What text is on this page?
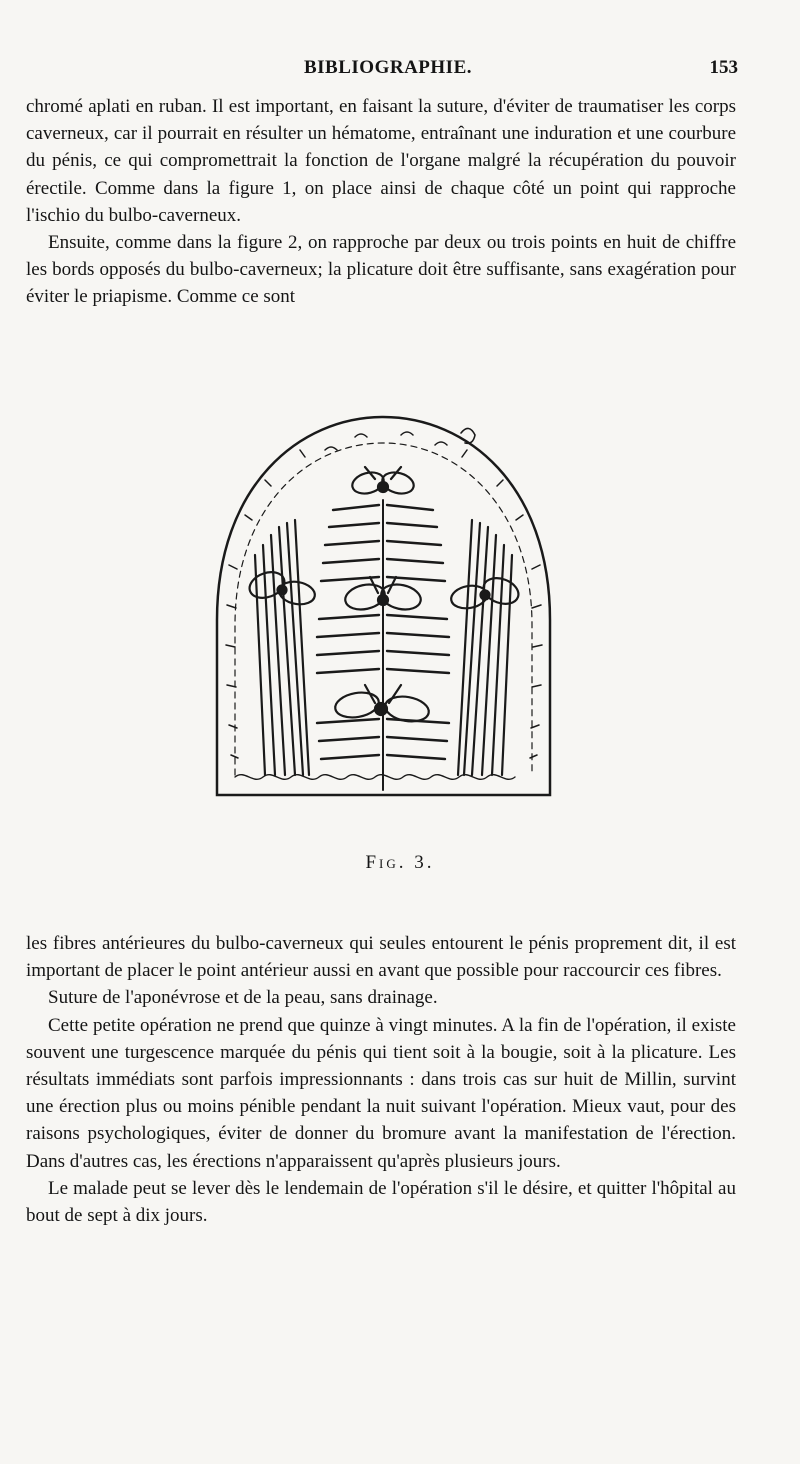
BIBLIOGRAPHIE.	153

chromé aplati en ruban. Il est important, en faisant la suture, d'éviter de traumatiser les corps caverneux, car il pourrait en résulter un hématome, entraînant une induration et une courbure du pénis, ce qui compromettrait la fonction de l'organe malgré la récupération du pouvoir érectile. Comme dans la figure 1, on place ainsi de chaque côté un point qui rapproche l'ischio du bulbo-caverneux.

Ensuite, comme dans la figure 2, on rapproche par deux ou trois points en huit de chiffre les bords opposés du bulbo-caverneux; la plicature doit être suffisante, sans exagération pour éviter le priapisme. Comme ce sont

Fig. 3.

les fibres antérieures du bulbo-caverneux qui seules entourent le pénis proprement dit, il est important de placer le point antérieur aussi en avant que possible pour raccourcir ces fibres.

Suture de l'aponévrose et de la peau, sans drainage.

Cette petite opération ne prend que quinze à vingt minutes. A la fin de l'opération, il existe souvent une turgescence marquée du pénis qui tient soit à la bougie, soit à la plicature. Les résultats immédiats sont parfois impressionnants : dans trois cas sur huit de Millin, survint une érection plus ou moins pénible pendant la nuit suivant l'opération. Mieux vaut, pour des raisons psychologiques, éviter de donner du bromure avant la manifestation de l'érection. Dans d'autres cas, les érections n'apparaissent qu'après plusieurs jours.

Le malade peut se lever dès le lendemain de l'opération s'il le désire, et quitter l'hôpital au bout de sept à dix jours.
